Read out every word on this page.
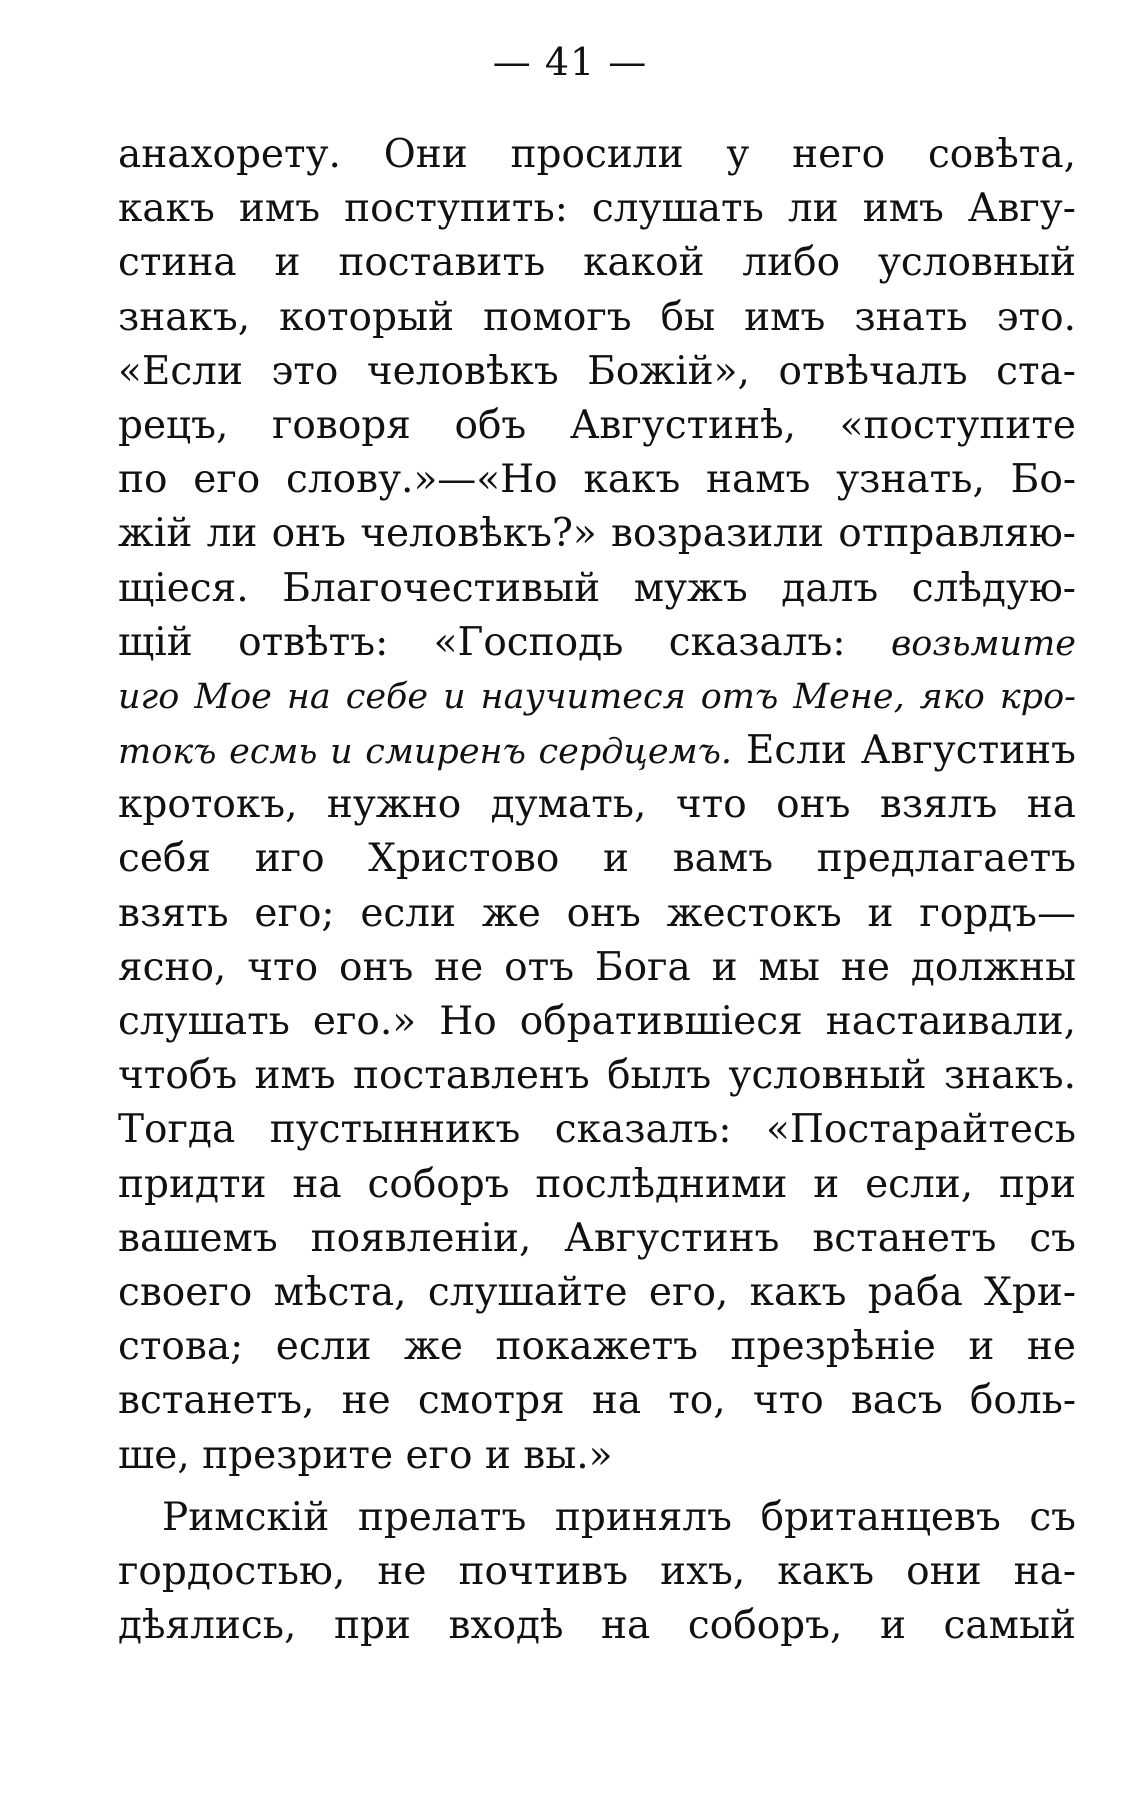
— 41 —
анахорету. Они просили у него совѣта,
какъ имъ поступить: слушать ли имъ Авгу-
стина и поставить какой либо условный
знакъ, который помогъ бы имъ знать это.
«Если это человѣкъ Божій», отвѣчалъ ста-
рецъ, говоря объ Августинѣ, «поступите
по его слову.»—«Но какъ намъ узнать, Бо-
жій ли онъ человѣкъ?» возразили отправляю-
щіеся. Благочестивый мужъ далъ слѣдую-
щій отвѣтъ: «Господь сказалъ: возьмите
иго Мое на себе и научитеся отъ Мене, яко кро-
токъ есмь и смиренъ сердцемъ. Если Августинъ
кротокъ, нужно думать, что онъ взялъ на
себя иго Христово и вамъ предлагаетъ
взять его; если же онъ жестокъ и гордъ—
ясно, что онъ не отъ Бога и мы не должны
слушать его.» Но обратившіеся настаивали,
чтобъ имъ поставленъ былъ условный знакъ.
Тогда пустынникъ сказалъ: «Постарайтесь
придти на соборъ послѣдними и если, при
вашемъ появленіи, Августинъ встанетъ съ
своего мѣста, слушайте его, какъ раба Хри-
стова; если же покажетъ презрѣніе и не
встанетъ, не смотря на то, что васъ боль-
ше, презрите его и вы.»
Римскій прелатъ принялъ британцевъ съ
гордостью, не почтивъ ихъ, какъ они на-
дѣялись, при входѣ на соборъ, и самый
